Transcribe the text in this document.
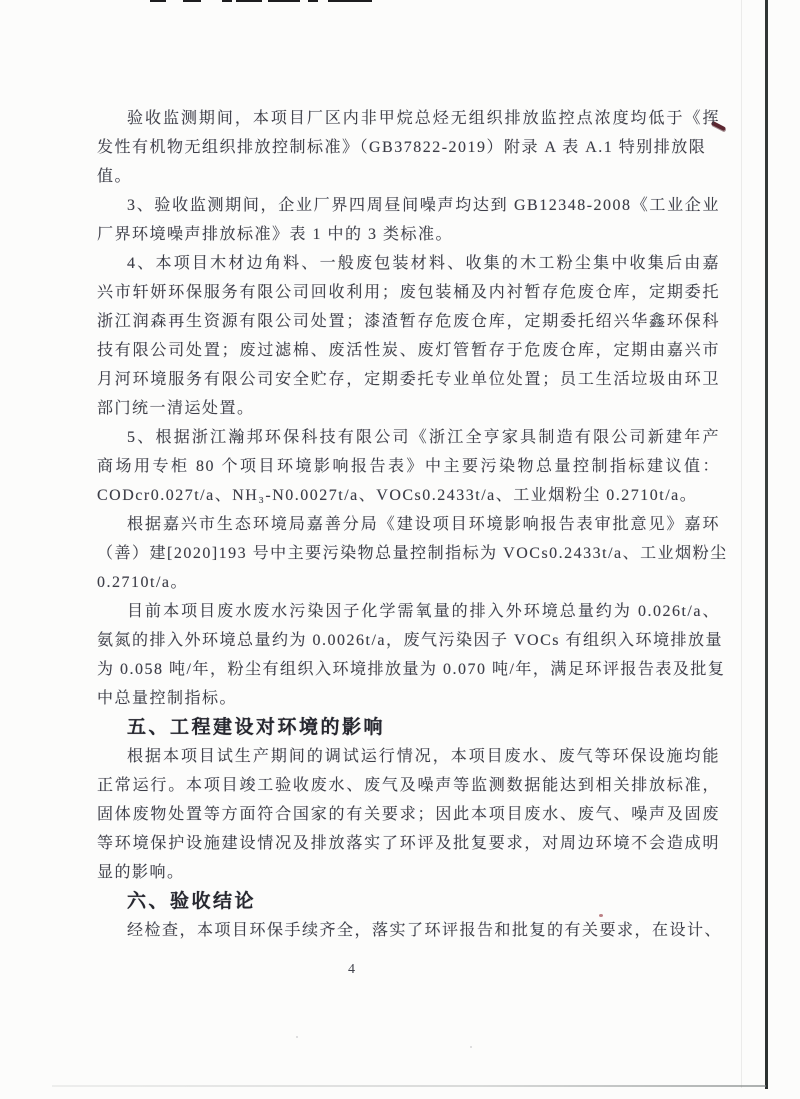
验收监测期间，本项目厂区内非甲烷总烃无组织排放监控点浓度均低于《挥
发性有机物无组织排放控制标准》（GB37822-2019）附录 A 表 A.1 特别排放限
值。
3、验收监测期间，企业厂界四周昼间噪声均达到 GB12348-2008《工业企业
厂界环境噪声排放标准》表 1 中的 3 类标准。
4、本项目木材边角料、一般废包装材料、收集的木工粉尘集中收集后由嘉
兴市轩妍环保服务有限公司回收利用；废包装桶及内衬暂存危废仓库，定期委托
浙江润森再生资源有限公司处置；漆渣暂存危废仓库，定期委托绍兴华鑫环保科
技有限公司处置；废过滤棉、废活性炭、废灯管暂存于危废仓库，定期由嘉兴市
月河环境服务有限公司安全贮存，定期委托专业单位处置；员工生活垃圾由环卫
部门统一清运处置。
5、根据浙江瀚邦环保科技有限公司《浙江全亨家具制造有限公司新建年产
商场用专柜 80 个项目环境影响报告表》中主要污染物总量控制指标建议值：
CODcr0.027t/a、NH₃-N0.0027t/a、VOCs0.2433t/a、工业烟粉尘 0.2710t/a。
根据嘉兴市生态环境局嘉善分局《建设项目环境影响报告表审批意见》嘉环
（善）建[2020]193 号中主要污染物总量控制指标为 VOCs0.2433t/a、工业烟粉尘
0.2710t/a。
目前本项目废水废水污染因子化学需氧量的排入外环境总量约为 0.026t/a、
氨氮的排入外环境总量约为 0.0026t/a，废气污染因子 VOCs 有组织入环境排放量
为 0.058 吨/年，粉尘有组织入环境排放量为 0.070 吨/年，满足环评报告表及批复
中总量控制指标。
五、工程建设对环境的影响
根据本项目试生产期间的调试运行情况，本项目废水、废气等环保设施均能
正常运行。本项目竣工验收废水、废气及噪声等监测数据能达到相关排放标准，
固体废物处置等方面符合国家的有关要求；因此本项目废水、废气、噪声及固废
等环境保护设施建设情况及排放落实了环评及批复要求，对周边环境不会造成明
显的影响。
六、验收结论
经检查，本项目环保手续齐全，落实了环评报告和批复的有关要求，在设计、
4
